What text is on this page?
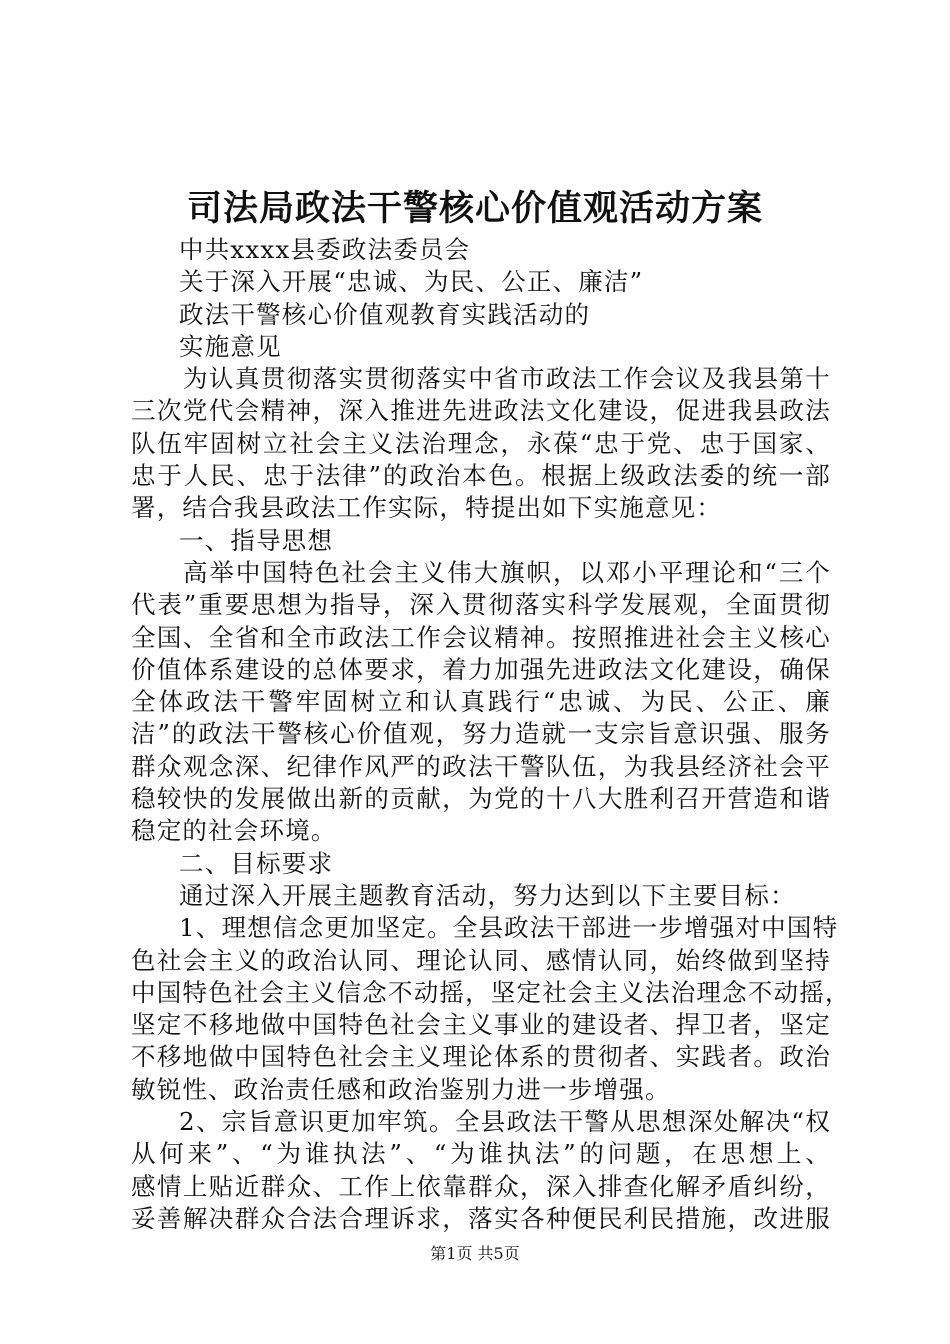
司法局政法干警核心价值观活动方案
中共xxxx县委政法委员会
关于深入开展“忠诚、为民、公正、廉洁”
政法干警核心价值观教育实践活动的
实施意见
为认真贯彻落实贯彻落实中省市政法工作会议及我县第十
三次党代会精神，深入推进先进政法文化建设，促进我县政法
队伍牢固树立社会主义法治理念，永葆“忠于党、忠于国家、
忠于人民、忠于法律”的政治本色。根据上级政法委的统一部
署，结合我县政法工作实际，特提出如下实施意见：
一、指导思想
高举中国特色社会主义伟大旗帜，以邓小平理论和“三个
代表”重要思想为指导，深入贯彻落实科学发展观，全面贯彻
全国、全省和全市政法工作会议精神。按照推进社会主义核心
价值体系建设的总体要求，着力加强先进政法文化建设，确保
全体政法干警牢固树立和认真践行“忠诚、为民、公正、廉
洁”的政法干警核心价值观，努力造就一支宗旨意识强、服务
群众观念深、纪律作风严的政法干警队伍，为我县经济社会平
稳较快的发展做出新的贡献，为党的十八大胜利召开营造和谐
稳定的社会环境。
二、目标要求
通过深入开展主题教育活动，努力达到以下主要目标：
1、理想信念更加坚定。全县政法干部进一步增强对中国特
色社会主义的政治认同、理论认同、感情认同，始终做到坚持
中国特色社会主义信念不动摇，坚定社会主义法治理念不动摇，
坚定不移地做中国特色社会主义事业的建设者、捍卫者，坚定
不移地做中国特色社会主义理论体系的贯彻者、实践者。政治
敏锐性、政治责任感和政治鉴别力进一步增强。
2、宗旨意识更加牢筑。全县政法干警从思想深处解决“权
从何来”、“为谁执法”、“为谁执法”的问题，在思想上、
感情上贴近群众、工作上依靠群众，深入排查化解矛盾纠纷，
妥善解决群众合法合理诉求，落实各种便民利民措施，改进服
第1页 共5页
